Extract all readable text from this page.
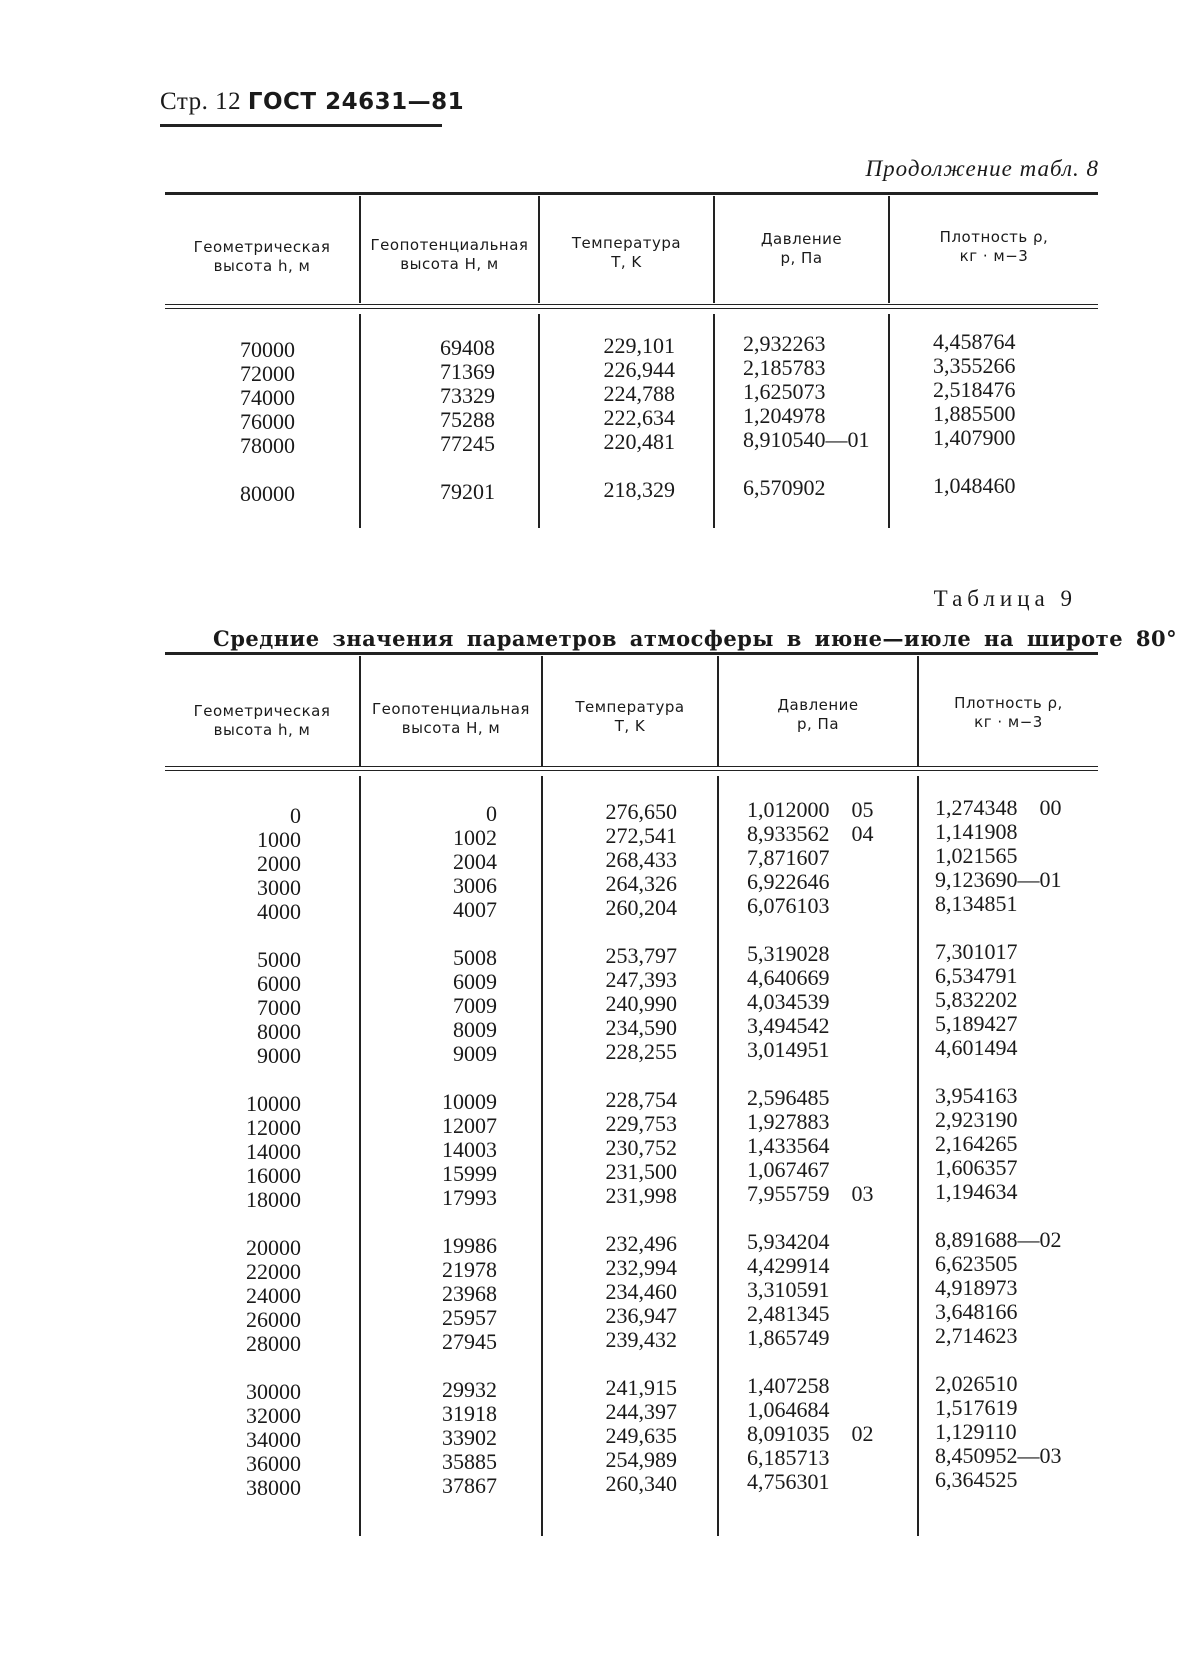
Стр. 12 ГОСТ 24631—81
Продолжение табл. 8
Геометрическая
высота h, м
Геопотенциальная
высота H, м
Температура
T, K
Давление
p, Па
Плотность ρ,
кг · м−3
70000
72000
74000
76000
78000
80000
69408
71369
73329
75288
77245
79201
229,101
226,944
224,788
222,634
220,481
218,329
2,932263
2,185783
1,625073
1,204978
8,910540—01
6,570902
4,458764
3,355266
2,518476
1,885500
1,407900
1,048460
Таблица 9
Средние значения параметров атмосферы в июне—июле на широте 80°
Геометрическая
высота h, м
Геопотенциальная
высота H, м
Температура
T, K
Давление
p, Па
Плотность ρ,
кг · м−3
0
1000
2000
3000
4000
5000
6000
7000
8000
9000
10000
12000
14000
16000
18000
20000
22000
24000
26000
28000
30000
32000
34000
36000
38000
0
1002
2004
3006
4007
5008
6009
7009
8009
9009
10009
12007
14003
15999
17993
19986
21978
23968
25957
27945
29932
31918
33902
35885
37867
276,650
272,541
268,433
264,326
260,204
253,797
247,393
240,990
234,590
228,255
228,754
229,753
230,752
231,500
231,998
232,496
232,994
234,460
236,947
239,432
241,915
244,397
249,635
254,989
260,340
1,012000 05
8,933562 04
7,871607
6,922646
6,076103
5,319028
4,640669
4,034539
3,494542
3,014951
2,596485
1,927883
1,433564
1,067467
7,955759 03
5,934204
4,429914
3,310591
2,481345
1,865749
1,407258
1,064684
8,091035 02
6,185713
4,756301
1,274348 00
1,141908
1,021565
9,123690—01
8,134851
7,301017
6,534791
5,832202
5,189427
4,601494
3,954163
2,923190
2,164265
1,606357
1,194634
8,891688—02
6,623505
4,918973
3,648166
2,714623
2,026510
1,517619
1,129110
8,450952—03
6,364525
